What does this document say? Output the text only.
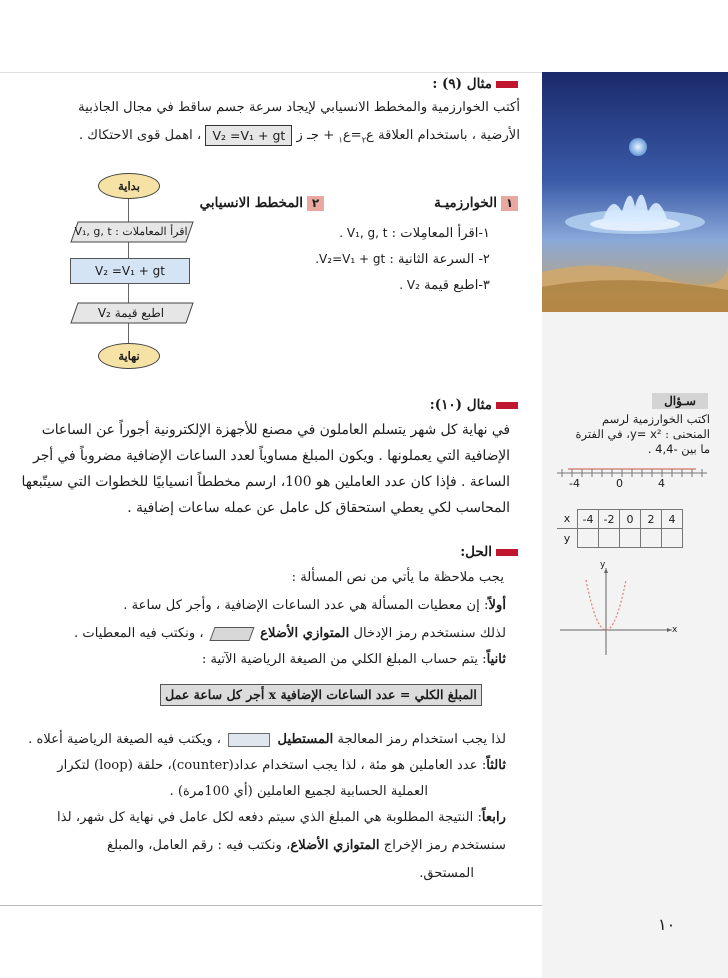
سـؤال
اكتب الخوارزمية لرسم
المنحنى : y= x²، في الفترة
ما بين -4,4 .
-4	0	4
x	-4	-2	0	2	4
y					
y
x
مثال (٩) :
أكتب الخوارزمية والمخطط الانسيابي لإيجاد سرعة جسم ساقط في مجال الجاذبية
الأرضية ، باستخدام العلاقة ع$_٢$=ع$_١$ + جـ ز V₂ =V₁ + gt ، اهمل قوى الاحتكاك .
١الخوارزميـة
٢المخطط الانسيابي
١-اقرأ المعامِلات : V₁, g, t .
٢- السرعة الثانية : V₂=V₁ + gt.
٣-اطبع قيمة V₂ .
بداية
اقرأ المعاملات : V₁, g, t
V₂ =V₁ + gt
اطبع قيمة V₂
نهاية
مثال (١٠):
في نهاية كل شهر يتسلم العاملون في مصنع للأجهزة الإلكترونية أجوراً عن الساعات
الإضافية التي يعملونها . ويكون المبلغ مساوياً لعدد الساعات الإضافية مضروباً في أجر
الساعة . فإذا كان عدد العاملين هو 100، ارسم مخططاً انسيابيًا للخطوات التي سيتّبعها
المحاسب لكي يعطي استحقاق كل عامل عن عمله ساعات إضافية .
الحل:
يجب ملاحظة ما يأتي من نص المسألة :
أولاً: إن معطيات المسألة هي عدد الساعات الإضافية ، وأجر كل ساعة .
لذلك سنستخدم رمز الإدخال المتوازي الأضلاع  ، ونكتب فيه المعطيات .
ثانياً: يتم حساب المبلغ الكلي من الصيغة الرياضية الآتية :
المبلغ الكلي = عدد الساعات الإضافية x أجر كل ساعة عمل
لذا يجب استخدام رمز المعالجة المستطيل  ، ويكتب فيه الصيغة الرياضية أعلاه .
ثالثاً: عدد العاملين هو مئة ، لذا يجب استخدام عداد(counter)، حلقة (loop) لتكرار
العملية الحسابية لجميع العاملين (أي 100مرة) .
رابعاً: النتيجة المطلوبة هي المبلغ الذي سيتم دفعه لكل عامل في نهاية كل شهر، لذا
سنستخدم رمز الإخراج المتوازي الأضلاع، ونكتب فيه : رقم العامل، والمبلغ
المستحق.
١٠
